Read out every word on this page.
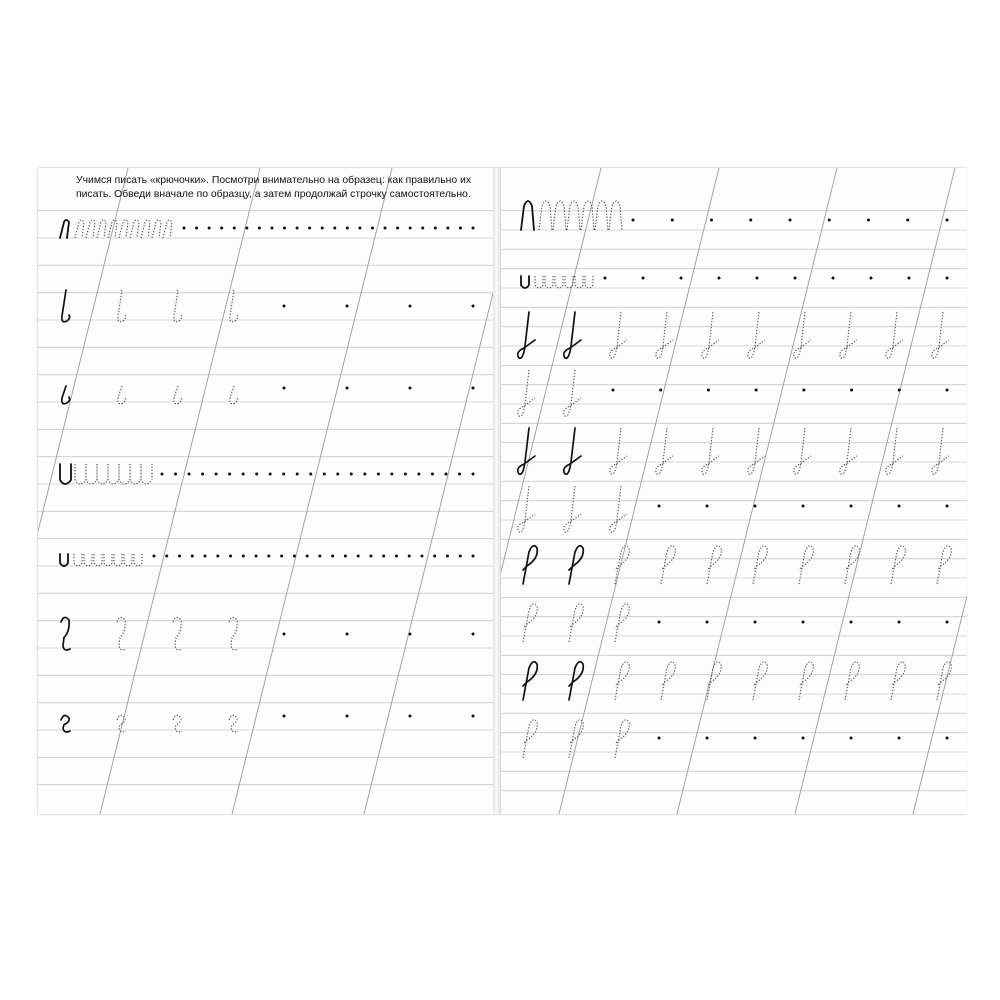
Учимся писать «крючочки». Посмотри внимательно на образец: как правильно их

писать. Обведи вначале по образцу, а затем продолжай строчку самостоятельно.
